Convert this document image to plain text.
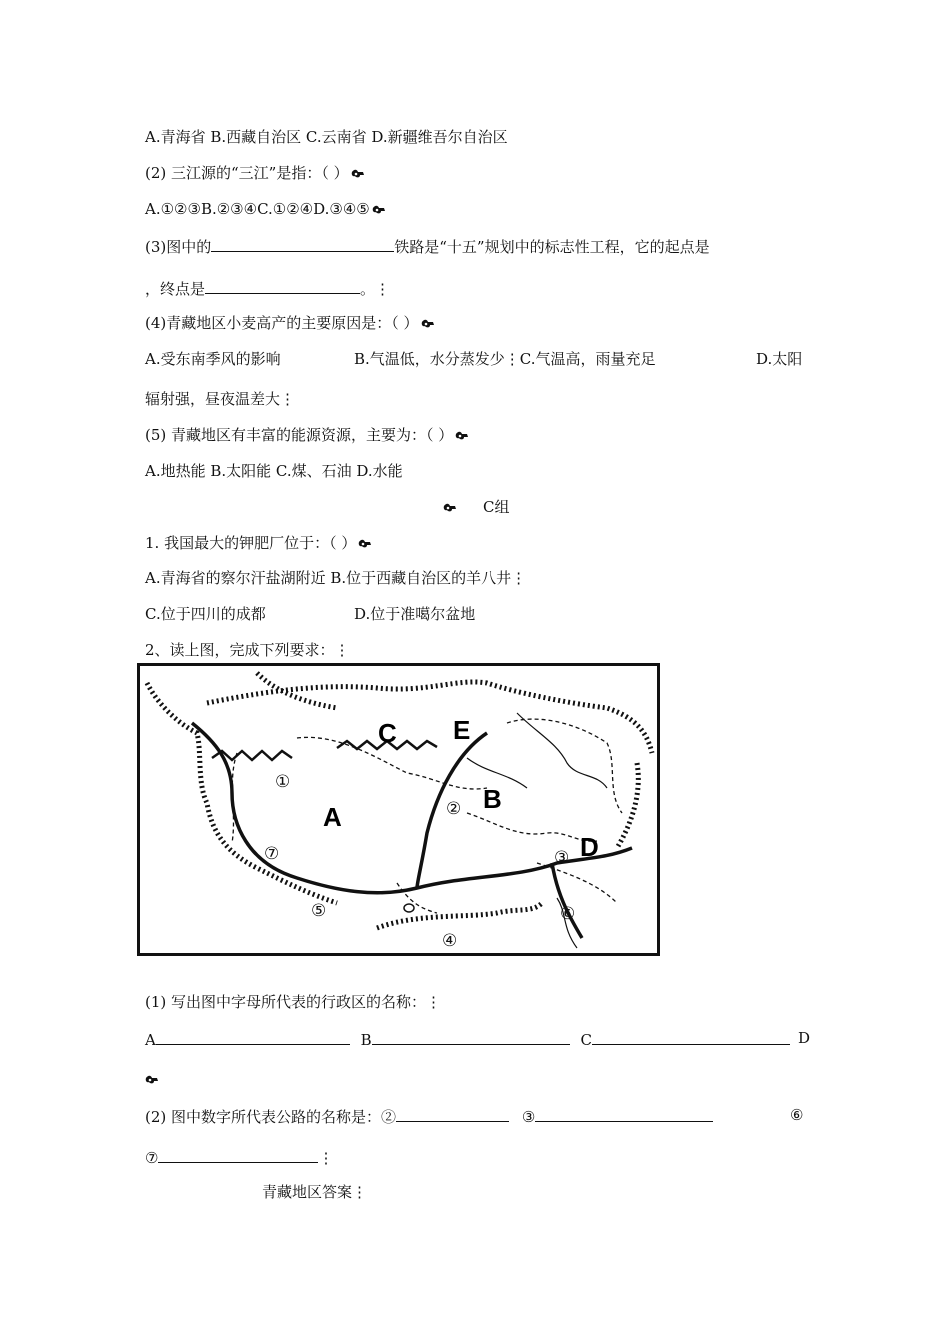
A.青海省 B.西藏自治区 C.云南省 D.新疆维吾尔自治区
(2) 三江源的“三江”是指：（ ）
A.①②③B.②③④C.①②④D.③④⑤
(3)图中的	铁路是“十五”规划中的标志性工程，它的起点是
，终点是	。⋮
(4)青藏地区小麦高产的主要原因是：（ ）
A.受东南季风的影响	B.气温低，水分蒸发少⋮C.气温高，雨量充足	D.太阳
辐射强，昼夜温差大⋮
(5) 青藏地区有丰富的能源资源，主要为：（ ）
A.地热能 B.太阳能 C.煤、石油 D.水能
C组
1. 我国最大的钾肥厂位于：（ ）
A.青海省的察尔汗盐湖附近 B.位于西藏自治区的羊八井⋮
C.位于四川的成都	D.位于准噶尔盆地
2、读上图，完成下列要求：⋮
A
B
C
D
E
①
②
③
④
⑤	⑥
⑦
(1) 写出图中字母所代表的行政区的名称：⋮
A	B	C	D
(2) 图中数字所代表公路的名称是：②	③	⑥
⑦	⋮
青藏地区答案⋮
